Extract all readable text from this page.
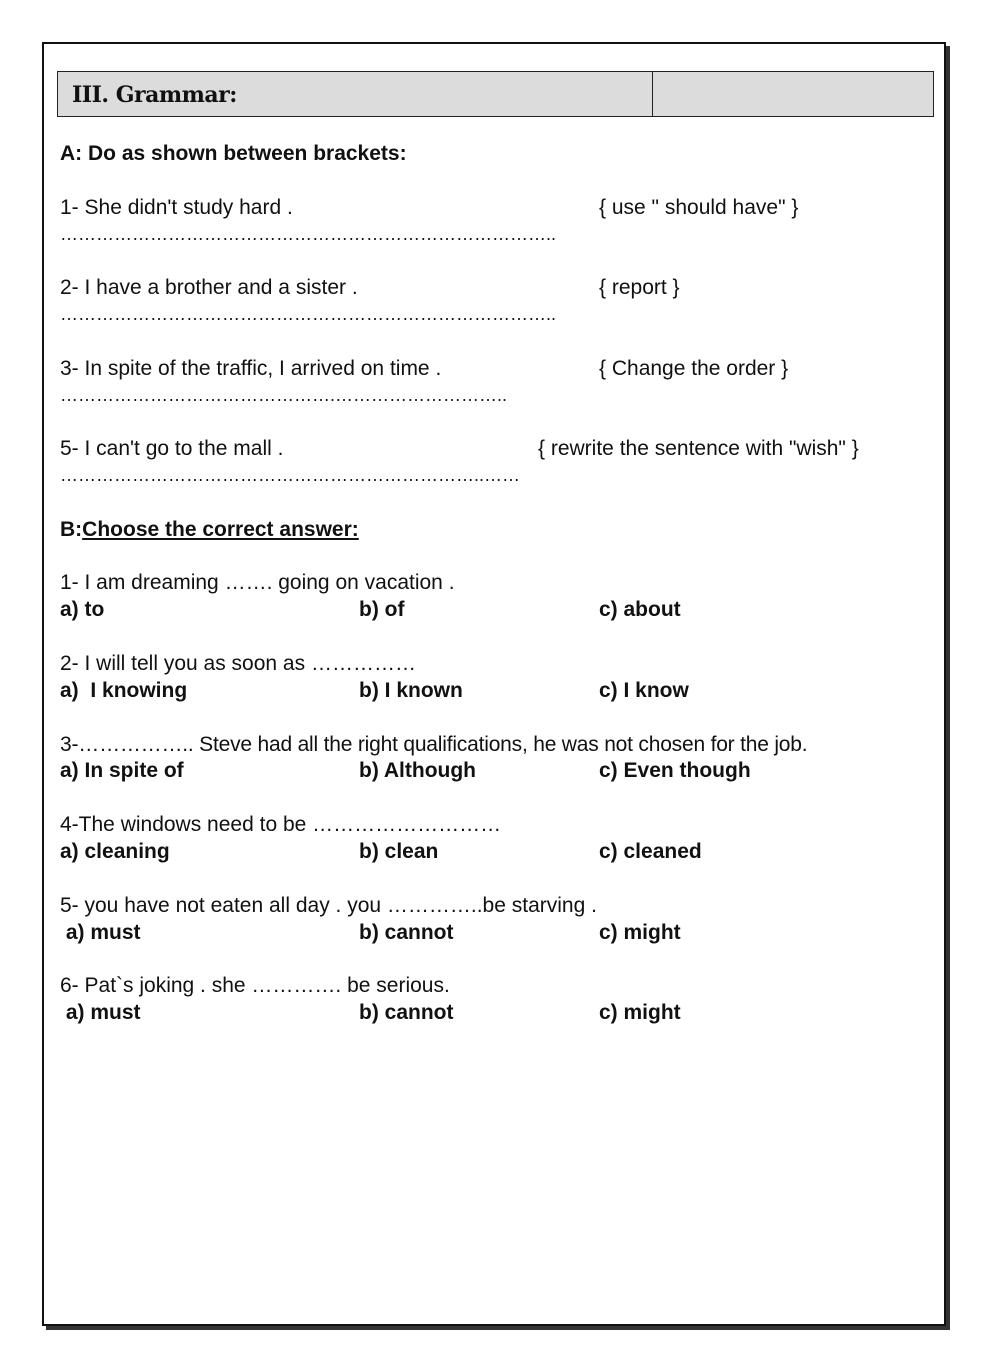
III. Grammar:
A: Do as shown between brackets:
1- She didn't study hard .	{ use " should have" }
………………………………………………………………………..
2- I have a brother and a sister .	{ report }
………………………………………………………………………..
3- In spite of the traffic, I arrived on time .	{ Change the order }
……………………………………….………………………..
5- I can't go to the mall .	{ rewrite the sentence with "wish" }
……………………………………………………………..……
B:Choose the correct answer:
1- I am dreaming ……. going on vacation .
a) to	b) of	c) about
2- I will tell you as soon as ……………
a)  I knowing	b) I known	c) I know
3-…………….. Steve had all the right qualifications, he was not chosen for the job.
a) In spite of	b) Although	c) Even though
4-The windows need to be ………………………
a) cleaning	b) clean	c) cleaned
5- you have not eaten all day . you …………..be starving .
a) must	b) cannot	c) might
6- Pat`s joking . she …………. be serious.
a) must	b) cannot	c) might
